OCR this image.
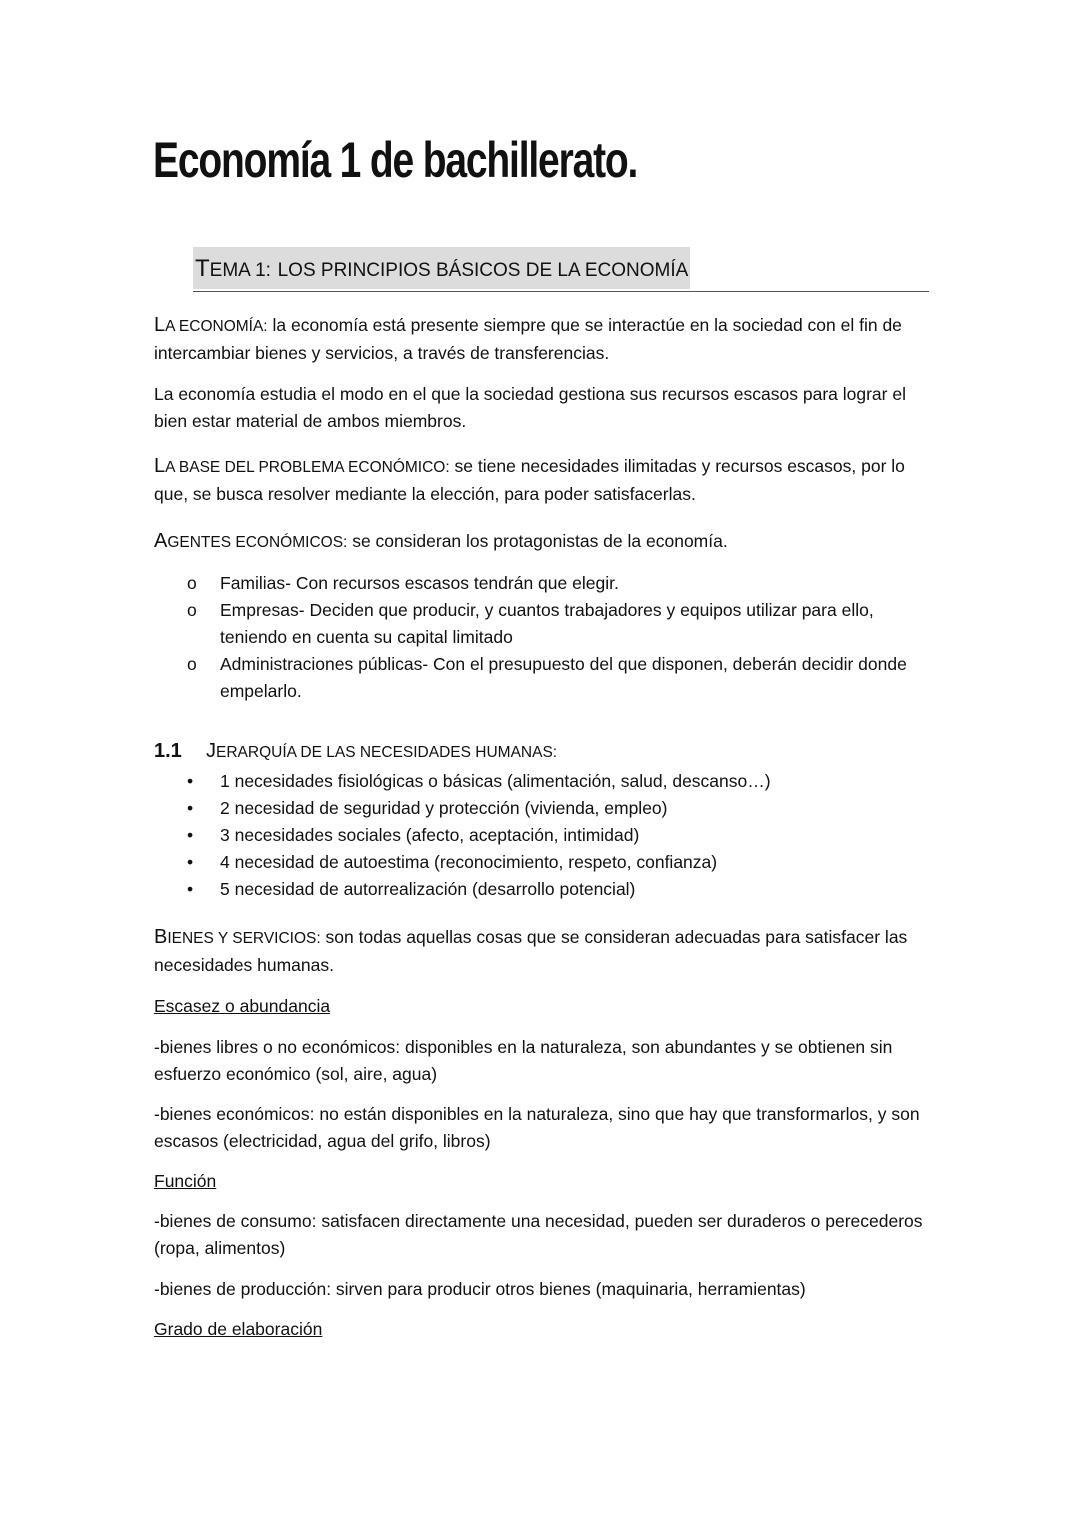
Economía 1 de bachillerato.
TEMA 1: LOS PRINCIPIOS BÁSICOS DE LA ECONOMÍA

LA ECONOMÍA: la economía está presente siempre que se interactúe en la sociedad con el fin de intercambiar bienes y servicios, a través de transferencias.

La economía estudia el modo en el que la sociedad gestiona sus recursos escasos para lograr el bien estar material de ambos miembros.

LA BASE DEL PROBLEMA ECONÓMICO: se tiene necesidades ilimitadas y recursos escasos, por lo que, se busca resolver mediante la elección, para poder satisfacerlas.

AGENTES ECONÓMICOS: se consideran los protagonistas de la economía.

o Familias- Con recursos escasos tendrán que elegir.
o Empresas- Deciden que producir, y cuantos trabajadores y equipos utilizar para ello, teniendo en cuenta su capital limitado
o Administraciones públicas- Con el presupuesto del que disponen, deberán decidir donde empelarlo.
1.1 JERARQUÍA DE LAS NECESIDADES HUMANAS:
• 1 necesidades fisiológicas o básicas (alimentación, salud, descanso…)
• 2 necesidad de seguridad y protección (vivienda, empleo)
• 3 necesidades sociales (afecto, aceptación, intimidad)
• 4 necesidad de autoestima (reconocimiento, respeto, confianza)
• 5 necesidad de autorrealización (desarrollo potencial)

BIENES Y SERVICIOS: son todas aquellas cosas que se consideran adecuadas para satisfacer las necesidades humanas.

Escasez o abundancia

-bienes libres o no económicos: disponibles en la naturaleza, son abundantes y se obtienen sin esfuerzo económico (sol, aire, agua)

-bienes económicos: no están disponibles en la naturaleza, sino que hay que transformarlos, y son escasos (electricidad, agua del grifo, libros)

Función

-bienes de consumo: satisfacen directamente una necesidad, pueden ser duraderos o perecederos (ropa, alimentos)

-bienes de producción: sirven para producir otros bienes (maquinaria, herramientas)

Grado de elaboración
